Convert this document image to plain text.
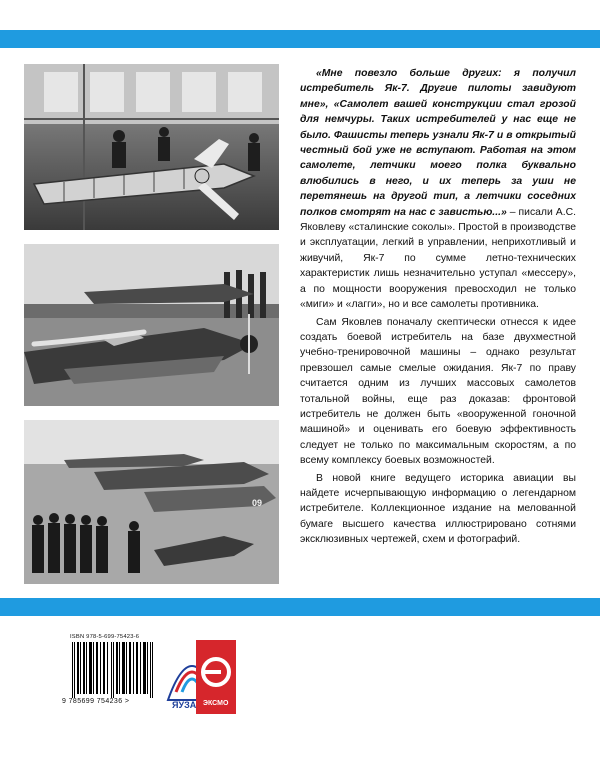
09

«Мне повезло больше других: я получил истребитель Як-7. Другие пилоты завидуют мне», «Самолет вашей конструкции стал грозой для немчуры. Таких истребителей у нас еще не было. Фашисты теперь узнали Як-7 и в открытый честный бой уже не вступают. Работая на этом самолете, летчики моего полка буквально влюбились в него, и их теперь за уши не перетянешь на другой тип, а летчики соседних полков смотрят на нас с завистью...» – писали А.С. Яковлеву «сталинские соколы». Простой в производстве и эксплуатации, легкий в управлении, неприхотливый и живучий, Як-7 по сумме летно-технических характеристик лишь незначительно уступал «мессеру», а по мощности вооружения превосходил не только «миги» и «лагги», но и все самолеты противника.

Сам Яковлев поначалу скептически отнесся к идее создать боевой истребитель на базе двухместной учебно-тренировочной машины – однако результат превзошел самые смелые ожидания. Як-7 по праву считается одним из лучших массовых самолетов тотальной войны, еще раз доказав: фронтовой истребитель не должен быть «вооруженной гоночной машиной» и оценивать его боевую эффективность следует не только по максимальным скоростям, а по всему комплексу боевых возможностей.

В новой книге ведущего историка авиации вы найдете исчерпывающую информацию о легендарном истребителе. Коллекционное издание на мелованной бумаге высшего качества иллюстрировано сотнями эксклюзивных чертежей, схем и фотографий.

ISBN 978-5-699-75423-6
9 785699 754236 >	ЯУЗА ЭКСМО
